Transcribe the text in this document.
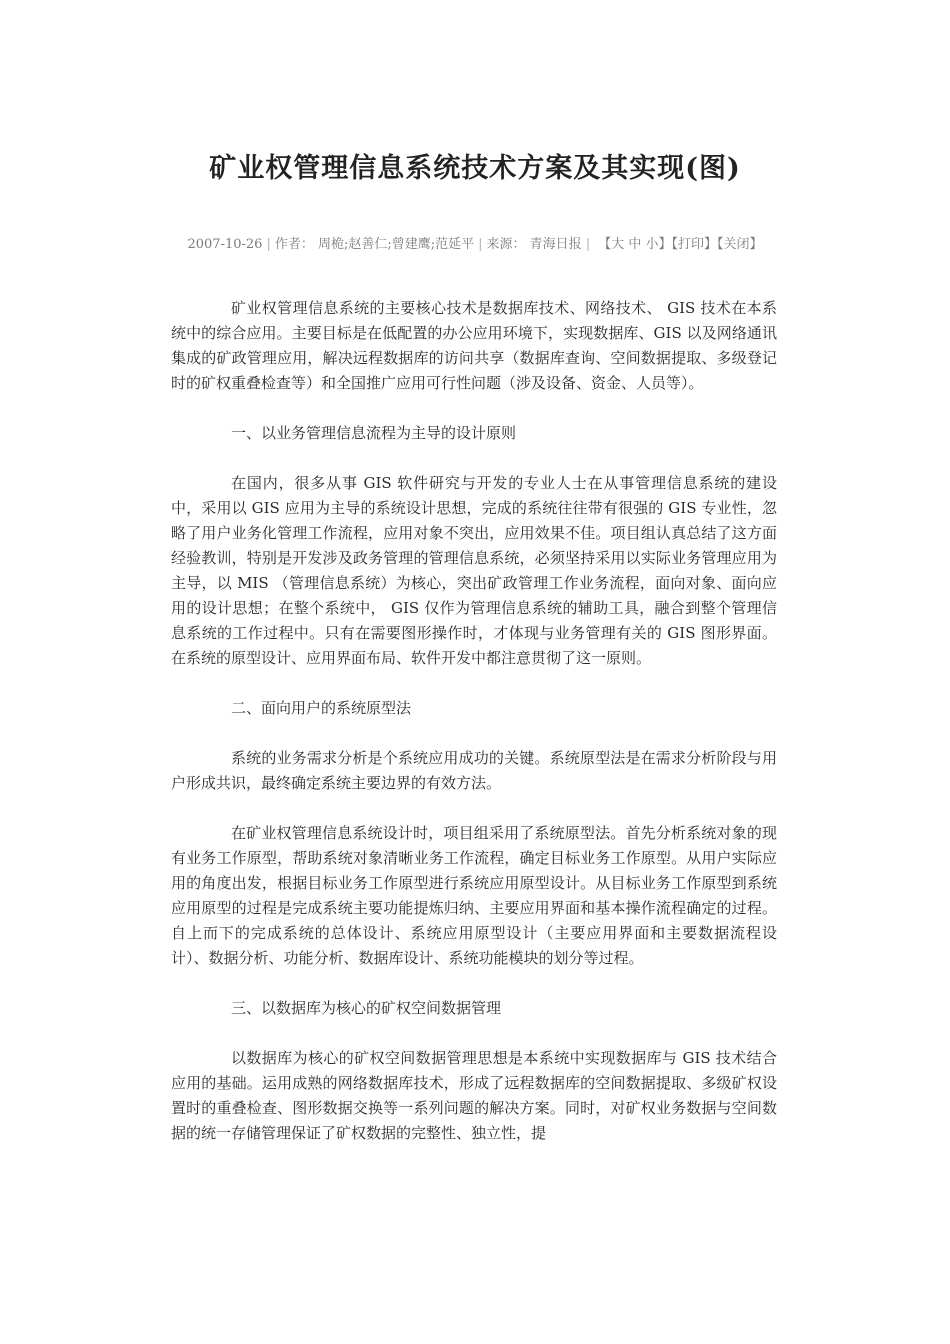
矿业权管理信息系统技术方案及其实现(图)
2007-10-26 | 作者： 周桅;赵善仁;曾建鹰;范延平 | 来源： 青海日报 | 【大 中 小】【打印】【关闭】

矿业权管理信息系统的主要核心技术是数据库技术、网络技术、 GIS 技术在本系统中的综合应用。主要目标是在低配置的办公应用环境下，实现数据库、GIS 以及网络通讯集成的矿政管理应用，解决远程数据库的访问共享（数据库查询、空间数据提取、多级登记时的矿权重叠检查等）和全国推广应用可行性问题（涉及设备、资金、人员等）。

一、以业务管理信息流程为主导的设计原则

在国内，很多从事 GIS 软件研究与开发的专业人士在从事管理信息系统的建设中，采用以 GIS 应用为主导的系统设计思想，完成的系统往往带有很强的 GIS 专业性，忽略了用户业务化管理工作流程，应用对象不突出，应用效果不佳。项目组认真总结了这方面经验教训，特别是开发涉及政务管理的管理信息系统，必须坚持采用以实际业务管理应用为主导，以 MIS （管理信息系统）为核心，突出矿政管理工作业务流程，面向对象、面向应用的设计思想；在整个系统中， GIS 仅作为管理信息系统的辅助工具，融合到整个管理信息系统的工作过程中。只有在需要图形操作时，才体现与业务管理有关的 GIS 图形界面。在系统的原型设计、应用界面布局、软件开发中都注意贯彻了这一原则。

二、面向用户的系统原型法

系统的业务需求分析是个系统应用成功的关键。系统原型法是在需求分析阶段与用户形成共识，最终确定系统主要边界的有效方法。

在矿业权管理信息系统设计时，项目组采用了系统原型法。首先分析系统对象的现有业务工作原型，帮助系统对象清晰业务工作流程，确定目标业务工作原型。从用户实际应用的角度出发，根据目标业务工作原型进行系统应用原型设计。从目标业务工作原型到系统应用原型的过程是完成系统主要功能提炼归纳、主要应用界面和基本操作流程确定的过程。自上而下的完成系统的总体设计、系统应用原型设计（主要应用界面和主要数据流程设计）、数据分析、功能分析、数据库设计、系统功能模块的划分等过程。

三、以数据库为核心的矿权空间数据管理

以数据库为核心的矿权空间数据管理思想是本系统中实现数据库与 GIS 技术结合应用的基础。运用成熟的网络数据库技术，形成了远程数据库的空间数据提取、多级矿权设置时的重叠检查、图形数据交换等一系列问题的解决方案。同时，对矿权业务数据与空间数据的统一存储管理保证了矿权数据的完整性、独立性，提
